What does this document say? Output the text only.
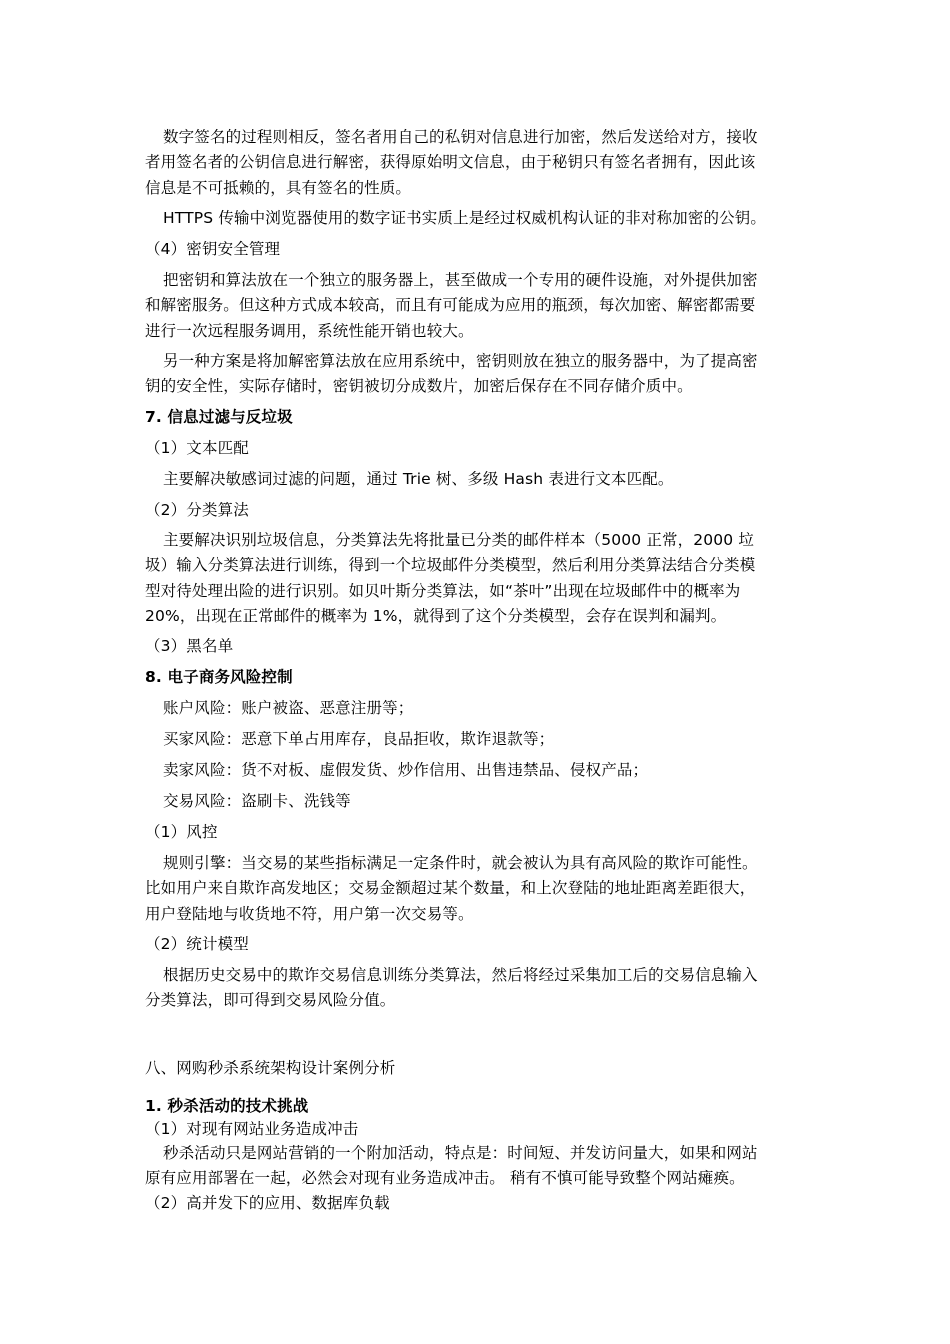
数字签名的过程则相反，签名者用自己的私钥对信息进行加密，然后发送给对方，接收
者用签名者的公钥信息进行解密，获得原始明文信息，由于秘钥只有签名者拥有，因此该
信息是不可抵赖的，具有签名的性质。
HTTPS 传输中浏览器使用的数字证书实质上是经过权威机构认证的非对称加密的公钥。
（4）密钥安全管理
把密钥和算法放在一个独立的服务器上，甚至做成一个专用的硬件设施，对外提供加密
和解密服务。但这种方式成本较高，而且有可能成为应用的瓶颈，每次加密、解密都需要
进行一次远程服务调用，系统性能开销也较大。
另一种方案是将加解密算法放在应用系统中，密钥则放在独立的服务器中，为了提高密
钥的安全性，实际存储时，密钥被切分成数片，加密后保存在不同存储介质中。
7. 信息过滤与反垃圾
（1）文本匹配
主要解决敏感词过滤的问题，通过 Trie 树、多级 Hash 表进行文本匹配。
（2）分类算法
主要解决识别垃圾信息，分类算法先将批量已分类的邮件样本（5000 正常，2000 垃
圾）输入分类算法进行训练，得到一个垃圾邮件分类模型，然后利用分类算法结合分类模
型对待处理出险的进行识别。如贝叶斯分类算法，如“茶叶”出现在垃圾邮件中的概率为
20%，出现在正常邮件的概率为 1%，就得到了这个分类模型，会存在误判和漏判。
（3）黑名单
8. 电子商务风险控制
账户风险：账户被盗、恶意注册等；
买家风险：恶意下单占用库存，良品拒收，欺诈退款等；
卖家风险：货不对板、虚假发货、炒作信用、出售违禁品、侵权产品；
交易风险：盗刷卡、洗钱等
（1）风控
规则引擎：当交易的某些指标满足一定条件时，就会被认为具有高风险的欺诈可能性。
比如用户来自欺诈高发地区；交易金额超过某个数量，和上次登陆的地址距离差距很大，
用户登陆地与收货地不符，用户第一次交易等。
（2）统计模型
根据历史交易中的欺诈交易信息训练分类算法，然后将经过采集加工后的交易信息输入
分类算法，即可得到交易风险分值。
八、网购秒杀系统架构设计案例分析
1. 秒杀活动的技术挑战
（1）对现有网站业务造成冲击
秒杀活动只是网站营销的一个附加活动，特点是：时间短、并发访问量大，如果和网站
原有应用部署在一起，必然会对现有业务造成冲击。 稍有不慎可能导致整个网站瘫痪。
（2）高并发下的应用、数据库负载
